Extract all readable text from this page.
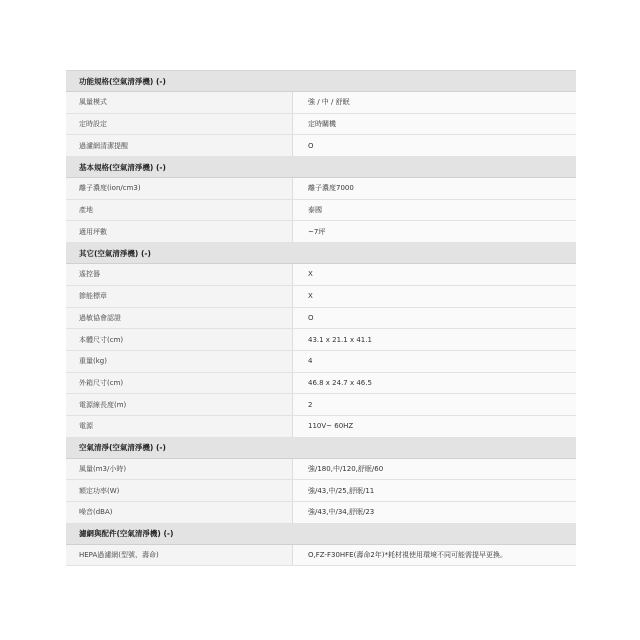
功能規格(空氣清淨機) (-)
風量模式	強 / 中 / 舒眠
定時設定	定時關機
過濾網清潔提醒	O
基本規格(空氣清淨機) (-)
離子濃度(ion/cm3)	離子濃度7000
產地	泰國
適用坪數	~7坪
其它(空氣清淨機) (-)
遙控器	X
節能標章	X
過敏協會認證	O
本體尺寸(cm)	43.1 x 21.1 x 41.1
重量(kg)	4
外箱尺寸(cm)	46.8 x 24.7 x 46.5
電源線長度(m)	2
電源	110V~ 60HZ
空氣清淨(空氣清淨機) (-)
風量(m3/小時)	強/180,中/120,舒眠/60
額定功率(W)	強/43,中/25,舒眠/11
噪音(dBA)	強/43,中/34,舒眠/23
濾網與配件(空氣清淨機) (-)
HEPA過濾網(型號、壽命)	O,FZ-F30HFE(壽命2年)*耗材視使用環境不同可能需提早更換。
